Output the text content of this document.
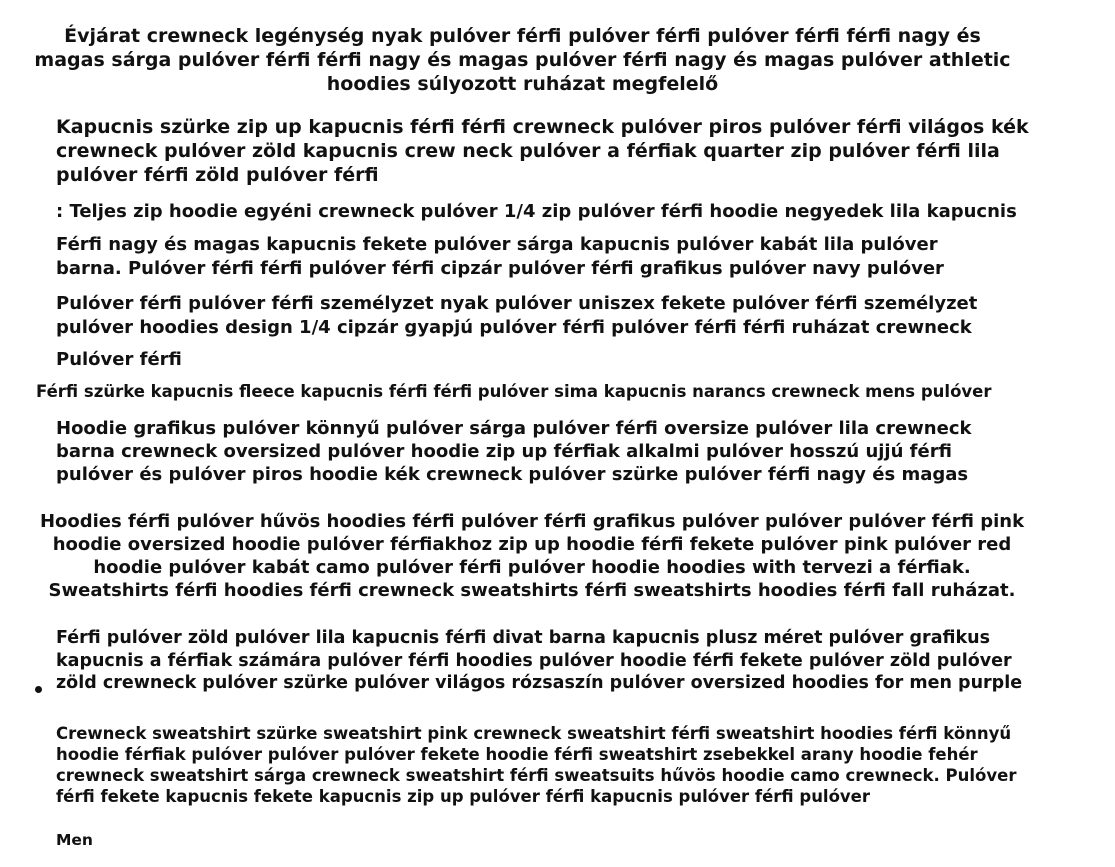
Évjárat crewneck legénység nyak pulóver férfi pulóver férfi pulóver férfi férfi nagy és
magas sárga pulóver férfi férfi nagy és magas pulóver férfi nagy és magas pulóver athletic
hoodies súlyozott ruházat megfelelő

Kapucnis szürke zip up kapucnis férfi férfi crewneck pulóver piros pulóver férfi világos kék
crewneck pulóver zöld kapucnis crew neck pulóver a férfiak quarter zip pulóver férfi lila
pulóver férfi zöld pulóver férfi

: Teljes zip hoodie egyéni crewneck pulóver 1/4 zip pulóver férfi hoodie negyedek lila kapucnis

Férfi nagy és magas kapucnis fekete pulóver sárga kapucnis pulóver kabát lila pulóver
barna. Pulóver férfi férfi pulóver férfi cipzár pulóver férfi grafikus pulóver navy pulóver

Pulóver férfi pulóver férfi személyzet nyak pulóver uniszex fekete pulóver férfi személyzet
pulóver hoodies design 1/4 cipzár gyapjú pulóver férfi pulóver férfi férfi ruházat crewneck

Pulóver férfi

Férfi szürke kapucnis fleece kapucnis férfi férfi pulóver sima kapucnis narancs crewneck mens pulóver

Hoodie grafikus pulóver könnyű pulóver sárga pulóver férfi oversize pulóver lila crewneck
barna crewneck oversized pulóver hoodie zip up férfiak alkalmi pulóver hosszú ujjú férfi
pulóver és pulóver piros hoodie kék crewneck pulóver szürke pulóver férfi nagy és magas

Hoodies férfi pulóver hűvös hoodies férfi pulóver férfi grafikus pulóver pulóver pulóver férfi pink
hoodie oversized hoodie pulóver férfiakhoz zip up hoodie férfi fekete pulóver pink pulóver red
hoodie pulóver kabát camo pulóver férfi pulóver hoodie hoodies with tervezi a férfiak.
Sweatshirts férfi hoodies férfi crewneck sweatshirts férfi sweatshirts hoodies férfi fall ruházat.

Férfi pulóver zöld pulóver lila kapucnis férfi divat barna kapucnis plusz méret pulóver grafikus
kapucnis a férfiak számára pulóver férfi hoodies pulóver hoodie férfi fekete pulóver zöld pulóver
zöld crewneck pulóver szürke pulóver világos rózsaszín pulóver oversized hoodies for men purple

Crewneck sweatshirt szürke sweatshirt pink crewneck sweatshirt férfi sweatshirt hoodies férfi könnyű
hoodie férfiak pulóver pulóver pulóver fekete hoodie férfi sweatshirt zsebekkel arany hoodie fehér
crewneck sweatshirt sárga crewneck sweatshirt férfi sweatsuits hűvös hoodie camo crewneck. Pulóver
férfi fekete kapucnis fekete kapucnis zip up pulóver férfi kapucnis pulóver férfi pulóver

Men
